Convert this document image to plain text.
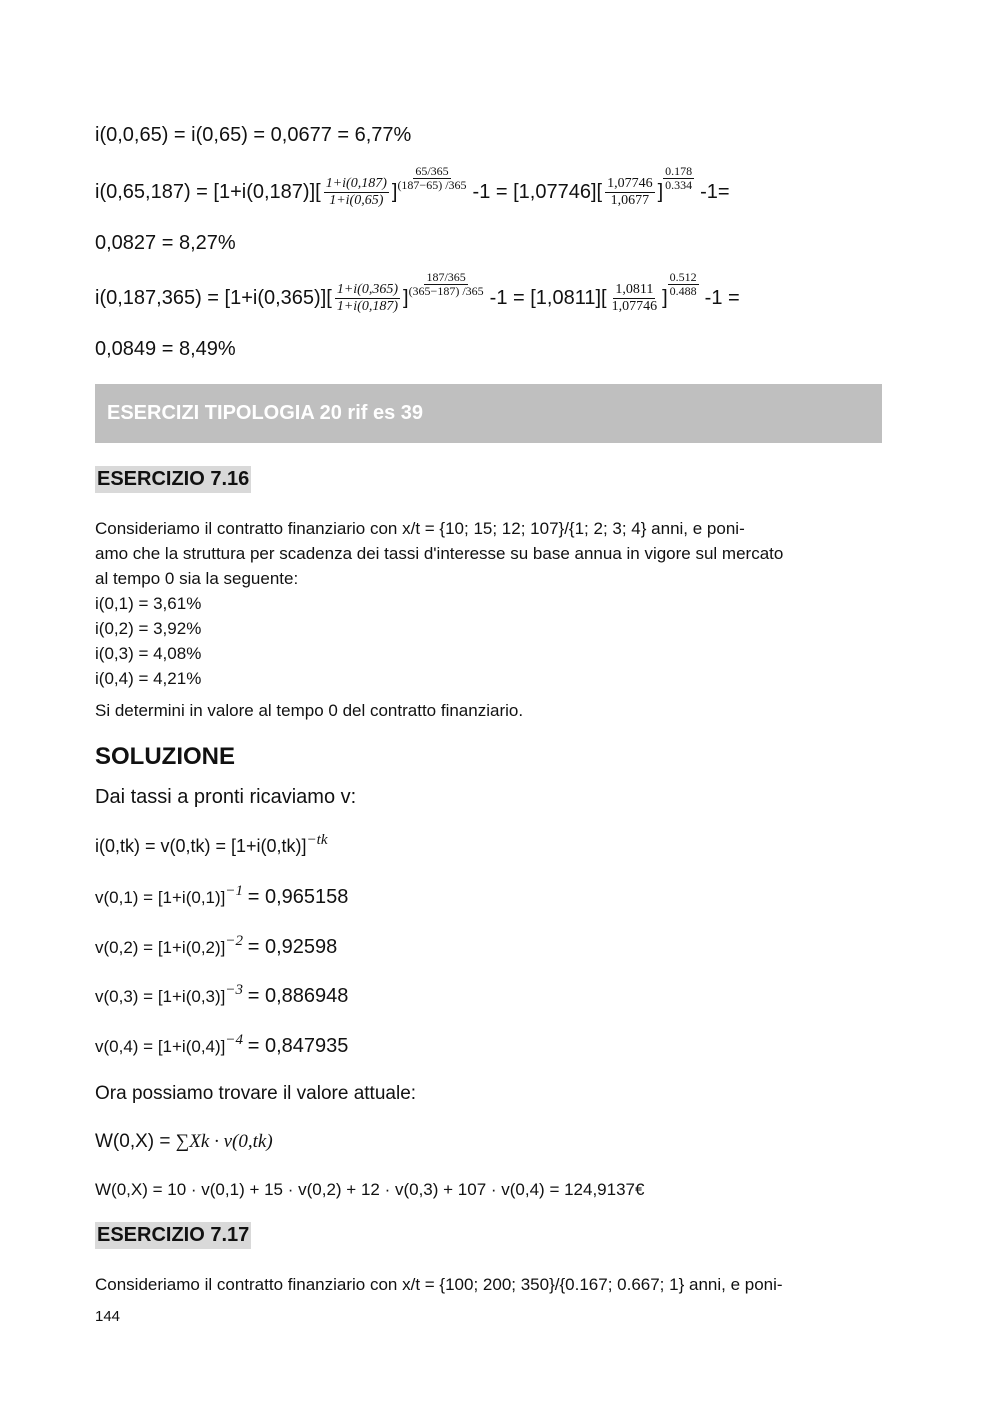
i(0,0,65) = i(0,65) = 0,0677 = 6,77%
$i(0,65,187) = [1+i(0,187)][ \frac{1+i(0,187)}{1+i(0,65)}$ ] $\frac{65/365}{(187-65) /365} -1 = [1,07746][ \frac{1,07746}{1,0677}$ ] $\frac{0.178}{0.334} -1=$
0,0827 = 8,27%
$i(0,187,365) = [1+i(0,365)][ \frac{1+i(0,365)}{1+i(0,187)}$ ] $\frac{187/365}{(365-187) /365} -1 = [1,0811][ \frac{1,0811}{1,07746}$ ] $\frac{0.512}{0.488} -1$ =
0,0849 = 8,49%
ESERCIZI TIPOLOGIA 20 rif es 39
ESERCIZIO 7.16
Consideriamo il contratto finanziario con x/t = {10; 15; 12; 107}/{1; 2; 3; 4} anni, e poni-
amo che la struttura per scadenza dei tassi d'interesse su base annua in vigore sul mercato
al tempo 0 sia la seguente:
i(0,1) = 3,61%
i(0,2) = 3,92%
i(0,3) = 4,08%
i(0,4) = 4,21%
Si determini in valore al tempo 0 del contratto finanziario.
SOLUZIONE
Dai tassi a pronti ricaviamo v:
$i(0,tk) = v(0,tk) = [1+i(0,tk)]^{-tk}$
v(0,1) = [1+i(0,1)]−1 = 0,965158
v(0,2) = [1+i(0,2)]−2 = 0,92598
v(0,3) = [1+i(0,3)]−3 = 0,886948
v(0,4) = [1+i(0,4)]−4 = 0,847935
Ora possiamo trovare il valore attuale:
W(0,X) = ∑Xk · v(0,tk)
W(0,X) = 10 · v(0,1) + 15 · v(0,2) + 12 · v(0,3) + 107 · v(0,4) = 124,9137€
ESERCIZIO 7.17
Consideriamo il contratto finanziario con x/t = {100; 200; 350}/{0.167; 0.667; 1} anni, e poni-
144
